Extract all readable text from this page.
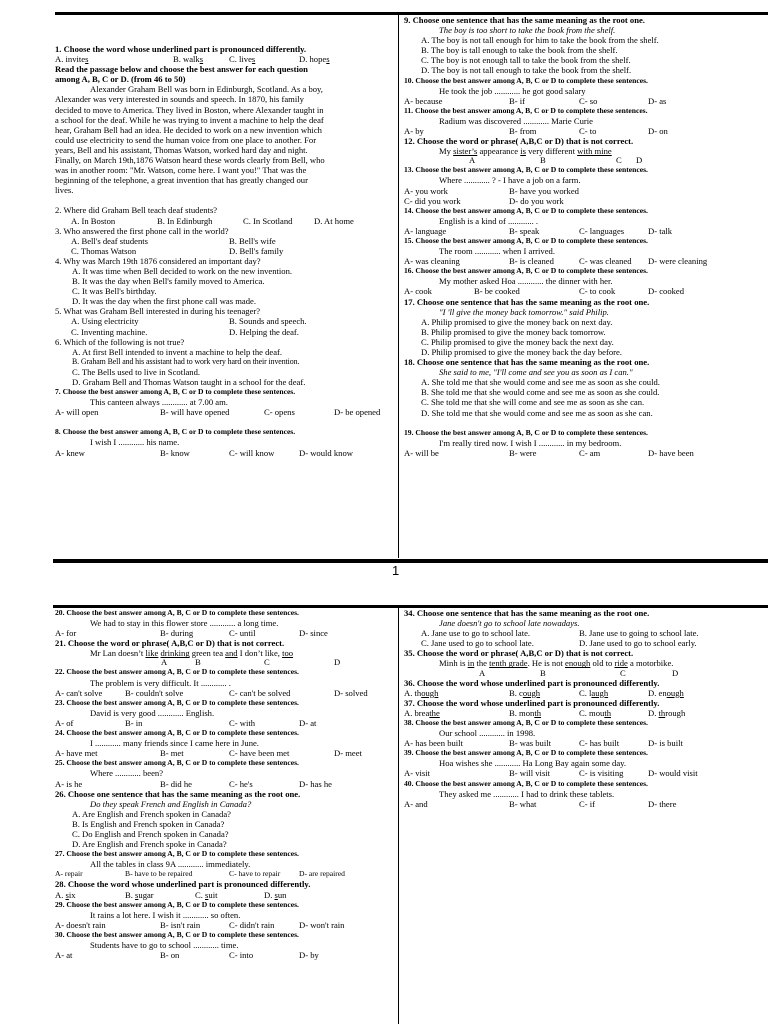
1
1. Choose the word whose underlined part is pronounced differently.
A. invites	B. walks	C. lives	D. hopes
Read the passage below and choose the best answer for each question
among A, B, C or D. (from 46 to 50)
Alexander Graham Bell was born in Edinburgh, Scotland. As a boy,
Alexander was very interested in sounds and speech. In 1870, his family
decided to move to America. They lived in Boston, where Alexander taught in
a school for the deaf. While he was trying to invent a machine to help the deaf
hear, Graham Bell had an idea. He decided to work on a new invention which
could use electricity to send the human voice from one place to another. For
years, Bell and his assistant, Thomas Watson, worked hard day and night.
Finally, on March 19th,1876 Watson heard these words clearly from Bell, who
was in another room: "Mr. Watson, come here. I want you!" That was the
beginning of the telephone, a great invention that has greatly changed our
lives.
2. Where did Graham Bell teach deaf students?
A. In Boston	B. In Edinburgh	C. In Scotland	D. At home
3. Who answered the first phone call in the world?
A. Bell's deaf students	B. Bell's wife
C. Thomas Watson	D. Bell's family
4. Why was March 19th 1876 considered an important day?
A. It was time when Bell decided to work on the new invention.
B. It was the day when Bell's family moved to America.
C. It was Bell's birthday.
D. It was the day when the first phone call was made.
5. What was Graham Bell interested in during his teenager?
A. Using electricity	B. Sounds and speech.
C. Inventing machine.	D. Helping the deaf.
6. Which of the following is not true?
A. At first Bell intended to invent a machine to help the deaf.
B. Graham Bell and his assistant had to work very hard on their invention.
C. The Bells used to live in Scotland.
D. Graham Bell and Thomas Watson taught in a school for the deaf.
7. Choose the best answer among A, B, C or D to complete these sentences.
This canteen always ............ at 7.00 am.
A- will open	B- will have opened	C- opens	D- be opened
8. Choose the best answer among A, B, C or D to complete these sentences.
I wish I ............ his name.
A- knew	B- know	C- will know	D- would know
9. Choose one sentence that has the same meaning as the root one.
The boy is too short to take the book from the shelf.
A. The boy is not tall enough for him to take the book from the shelf.
B. The boy is tall enough to take the book from the shelf.
C. The boy is not enough tall to take the book from the shelf.
D. The boy is not tall enough to take the book from the shelf.
10. Choose the best answer among A, B, C or D to complete these sentences.
He took the job ............ he got good salary
A- because	B- if	C- so	D- as
11. Choose the best answer among A, B, C or D to complete these sentences.
Radium was discovered ............ Marie Curie
A- by	B- from	C- to	D- on
12. Choose the word or phrase( A,B,C or D) that is not correct.
My sister’s appearance is very different with mine
A	B	C D
13. Choose the best answer among A, B, C or D to complete these sentences.
Where ............ ? - I have a job on a farm.
A- you work	B- have you worked
C- did you work	D- do you work
14. Choose the best answer among A, B, C or D to complete these sentences.
English is a kind of ............ .
A- language	B- speak	C- languages	D- talk
15. Choose the best answer among A, B, C or D to complete these sentences.
The room ............ when I arrived.
A- was cleaning	B- is cleaned	C- was cleaned D- were cleaning
16. Choose the best answer among A, B, C or D to complete these sentences.
My mother asked Hoa ............ the dinner with her.
A- cook	B- be cooked	C- to cook	D- cooked
17. Choose one sentence that has the same meaning as the root one.
"I 'll give the money back tomorrow." said Philip.
A. Philip promised to give the money back on next day.
B. Philip promised to give the money back tomorrow.
C. Philip promised to give the money back the next day.
D. Philip promised to give the money back the day before.
18. Choose one sentence that has the same meaning as the root one.
She said to me, "I'll come and see you as soon as I can."
A. She told me that she would come and see me as soon as she could.
B. She told me that she would come and see me as soon as she could.
C. She told me that she will come and see me as soon as she can.
D. She told me that she would come and see me as soon as she can.
19. Choose the best answer among A, B, C or D to complete these sentences.
I'm really tired now. I wish I ............ in my bedroom.
A- will be	B- were	C- am	D- have been
20. Choose the best answer among A, B, C or D to complete these sentences.
We had to stay in this flower store ............ a long time.
A- for	B- during	C- until	D- since
21. Choose the word or phrase( A,B,C or D) that is not correct.
Mr Lan doesn’t like drinking green tea and I don’t like, too
A	B	C	D
22. Choose the best answer among A, B, C or D to complete these sentences.
The problem is very difficult. It ............ .
A- can't solve	B- couldn't solve	C- can't be solved	D- solved
23. Choose the best answer among A, B, C or D to complete these sentences.
David is very good ............ English.
A- of	B- in	C- with	D- at
24. Choose the best answer among A, B, C or D to complete these sentences.
I ............ many friends since I came here in June.
A- have met	B- met	C- have been met	D- meet
25. Choose the best answer among A, B, C or D to complete these sentences.
Where ............ been?
A- is he	B- did he	C- he's	D- has he
26. Choose one sentence that has the same meaning as the root one.
Do they speak French and English in Canada?
A. Are English and French spoken in Canada?
B. Is English and French spoken in Canada?
C. Do English and French spoken in Canada?
D. Are English and French spoke in Canada?
27. Choose the best answer among A, B, C or D to complete these sentences.
All the tables in class 9A ............ immediately.
A- repair	B- have to be repaired	C- have to repair D- are repaired
28. Choose the word whose underlined part is pronounced differently.
A. six	B. sugar	C. suit	D. sun
29. Choose the best answer among A, B, C or D to complete these sentences.
It rains a lot here. I wish it ............ so often.
A- doesn't rain	B- isn't rain	C- didn't rain	D- won't rain
30. Choose the best answer among A, B, C or D to complete these sentences.
Students have to go to school ............ time.
A- at	B- on	C- into	D- by
34. Choose one sentence that has the same meaning as the root one.
Jane doesn't go to school late nowadays.
A. Jane use to go to school late.	B. Jane use to going to school late.
C. Jane used to go to school late.	D. Jane used to go to school early.
35. Choose the word or phrase( A,B,C or D) that is not correct.
Minh is in the tenth grade. He is not enough old to ride a motorbike.
A	B	C	D
36. Choose the word whose underlined part is pronounced differently.
A. though	B. cough	C. laugh	D. enough
37. Choose the word whose underlined part is pronounced differently.
A. breathe	B. month	C. mouth	D. through
38. Choose the best answer among A, B, C or D to complete these sentences.
Our school ............ in 1998.
A- has been built	B- was built	C- has built	D- is built
39. Choose the best answer among A, B, C or D to complete these sentences.
Hoa wishes she ............ Ha Long Bay again some day.
A- visit	B- will visit	C- is visiting	D- would visit
40. Choose the best answer among A, B, C or D to complete these sentences.
They asked me ............ I had to drink these tablets.
A- and	B- what	C- if	D- there
